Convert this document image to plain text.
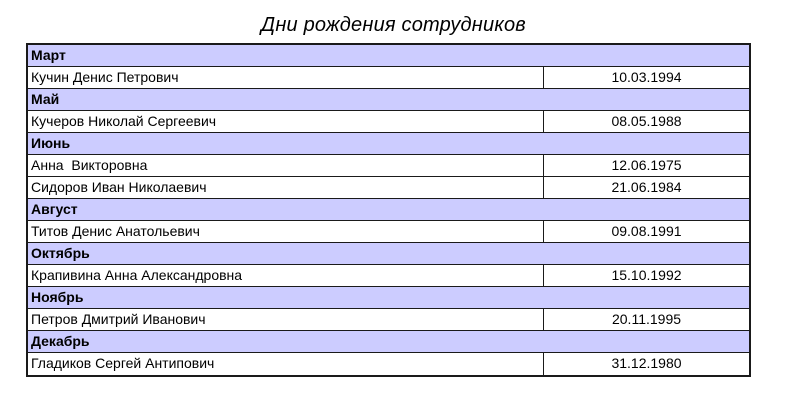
Дни рождения сотрудников
Март
Кучин Денис Петрович	10.03.1994
Май
Кучеров Николай Сергеевич	08.05.1988
Июнь
Анна  Викторовна	12.06.1975
Сидоров Иван Николаевич	21.06.1984
Август
Титов Денис Анатольевич	09.08.1991
Октябрь
Крапивина Анна Александровна	15.10.1992
Ноябрь
Петров Дмитрий Иванович	20.11.1995
Декабрь
Гладиков Сергей Антипович	31.12.1980
